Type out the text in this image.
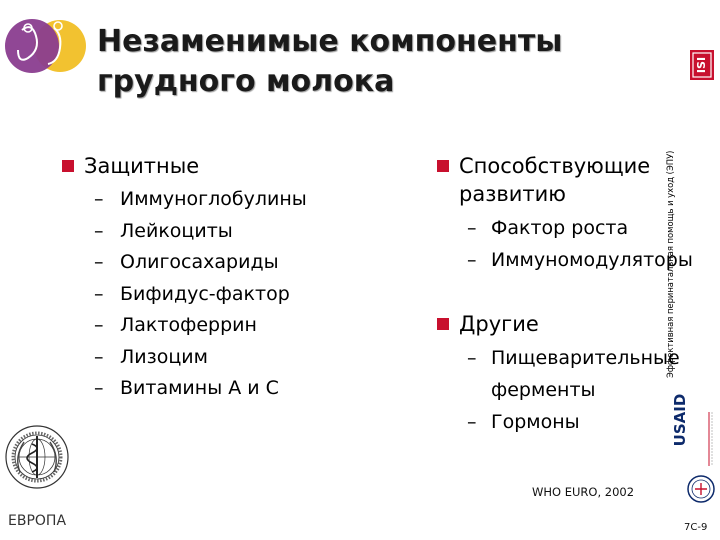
Незаменимые компоненты
грудного молока	ISI
Эффективная перинатальная помощь и уход (ЭПУ)
Защитные
– Иммуноглобулины
– Лейкоциты
– Олигосахариды
– Бифидус-фактор
– Лактоферрин
– Лизоцим
– Витамины А и С
Способствующие
развитию
– Фактор роста
– Иммуномодуляторы
Другие
– Пищеварительные
ферменты
– Гормоны	USAID
ЕВРОПА
WHO EURO, 2002
7C-9
